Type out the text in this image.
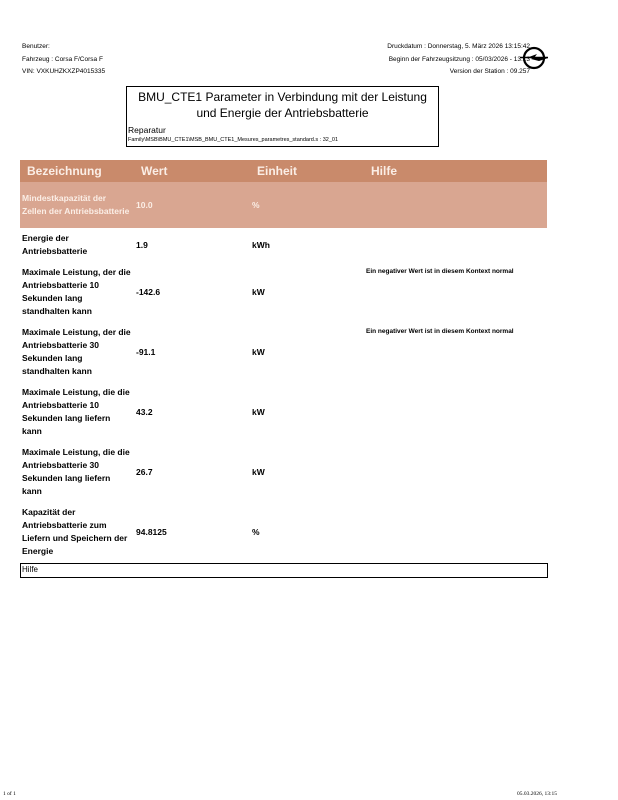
Benutzer:
Fahrzeug : Corsa F/Corsa F
VIN: VXKUHZKXZP4015335
Druckdatum : Donnerstag, 5. März 2026 13:15:42
Beginn der Fahrzeugsitzung : 05/03/2026 - 13:13
Version der Station : 09.257
BMU_CTE1 Parameter in Verbindung mit der Leistung
und Energie der Antriebsbatterie
Reparatur
Family\MSB\BMU_CTE1\MSB_BMU_CTE1_Mesures_parametres_standard.s : 32_01
Bezeichnung	Wert	Einheit	Hilfe
Mindestkapazität der Zellen der Antriebsbatterie	10.0	%	
Energie der Antriebsbatterie	1.9	kWh	
Maximale Leistung, der die Antriebsbatterie 10 Sekunden lang standhalten kann	-142.6	kW	Ein negativer Wert ist in diesem Kontext normal
Maximale Leistung, der die Antriebsbatterie 30 Sekunden lang standhalten kann	-91.1	kW	Ein negativer Wert ist in diesem Kontext normal
Maximale Leistung, die die Antriebsbatterie 10 Sekunden lang liefern kann	43.2	kW	
Maximale Leistung, die die Antriebsbatterie 30 Sekunden lang liefern kann	26.7	kW	
Kapazität der Antriebsbatterie zum Liefern und Speichern der Energie	94.8125	%	
Hilfe
1 of 1	05.03.2026, 13:15
